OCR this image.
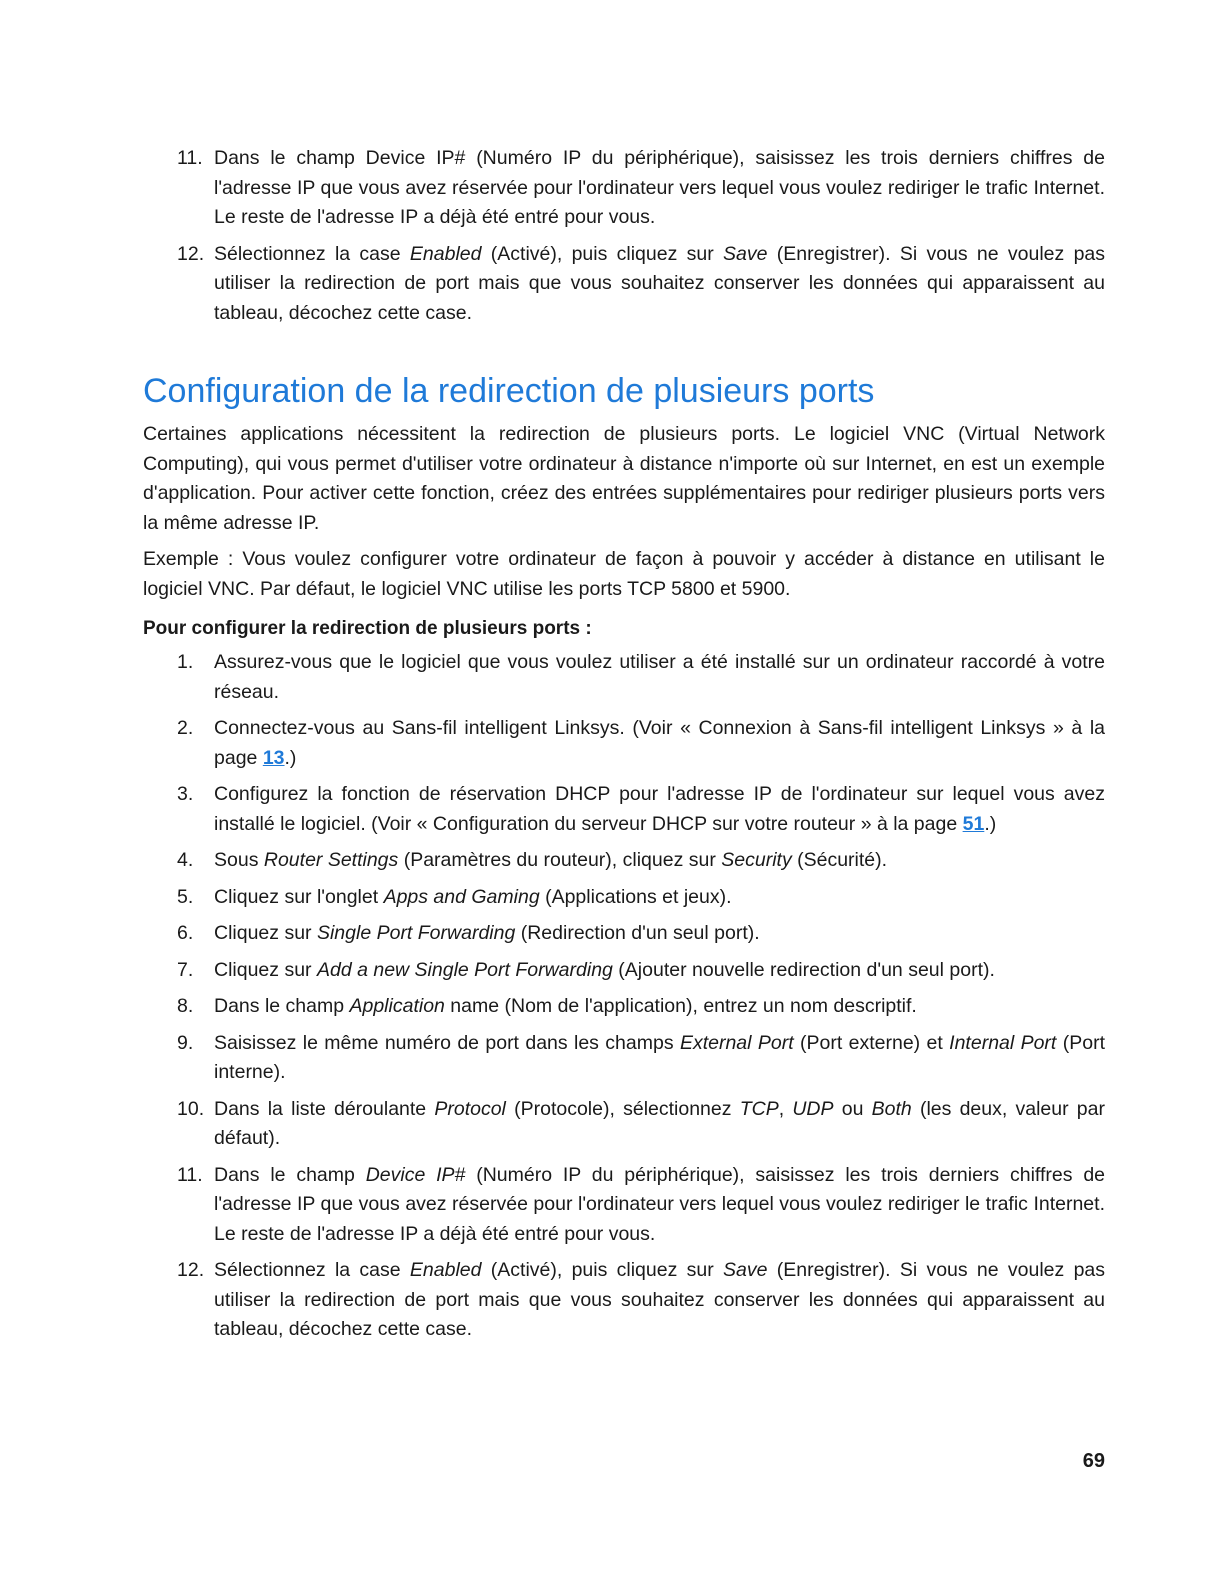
11. Dans le champ Device IP# (Numéro IP du périphérique), saisissez les trois derniers chiffres de l'adresse IP que vous avez réservée pour l'ordinateur vers lequel vous voulez rediriger le trafic Internet. Le reste de l'adresse IP a déjà été entré pour vous.
12. Sélectionnez la case Enabled (Activé), puis cliquez sur Save (Enregistrer). Si vous ne voulez pas utiliser la redirection de port mais que vous souhaitez conserver les données qui apparaissent au tableau, décochez cette case.
Configuration de la redirection de plusieurs ports

Certaines applications nécessitent la redirection de plusieurs ports. Le logiciel VNC (Virtual Network Computing), qui vous permet d'utiliser votre ordinateur à distance n'importe où sur Internet, en est un exemple d'application. Pour activer cette fonction, créez des entrées supplémentaires pour rediriger plusieurs ports vers la même adresse IP.

Exemple : Vous voulez configurer votre ordinateur de façon à pouvoir y accéder à distance en utilisant le logiciel VNC. Par défaut, le logiciel VNC utilise les ports TCP 5800 et 5900.

Pour configurer la redirection de plusieurs ports :

1. Assurez-vous que le logiciel que vous voulez utiliser a été installé sur un ordinateur raccordé à votre réseau.
2. Connectez-vous au Sans-fil intelligent Linksys. (Voir « Connexion à Sans-fil intelligent Linksys » à la page 13.)
3. Configurez la fonction de réservation DHCP pour l'adresse IP de l'ordinateur sur lequel vous avez installé le logiciel. (Voir « Configuration du serveur DHCP sur votre routeur » à la page 51.)
4. Sous Router Settings (Paramètres du routeur), cliquez sur Security (Sécurité).
5. Cliquez sur l'onglet Apps and Gaming (Applications et jeux).
6. Cliquez sur Single Port Forwarding (Redirection d'un seul port).
7. Cliquez sur Add a new Single Port Forwarding (Ajouter nouvelle redirection d'un seul port).
8. Dans le champ Application name (Nom de l'application), entrez un nom descriptif.
9. Saisissez le même numéro de port dans les champs External Port (Port externe) et Internal Port (Port interne).
10. Dans la liste déroulante Protocol (Protocole), sélectionnez TCP, UDP ou Both (les deux, valeur par défaut).
11. Dans le champ Device IP# (Numéro IP du périphérique), saisissez les trois derniers chiffres de l'adresse IP que vous avez réservée pour l'ordinateur vers lequel vous voulez rediriger le trafic Internet. Le reste de l'adresse IP a déjà été entré pour vous.
12. Sélectionnez la case Enabled (Activé), puis cliquez sur Save (Enregistrer). Si vous ne voulez pas utiliser la redirection de port mais que vous souhaitez conserver les données qui apparaissent au tableau, décochez cette case.
69
